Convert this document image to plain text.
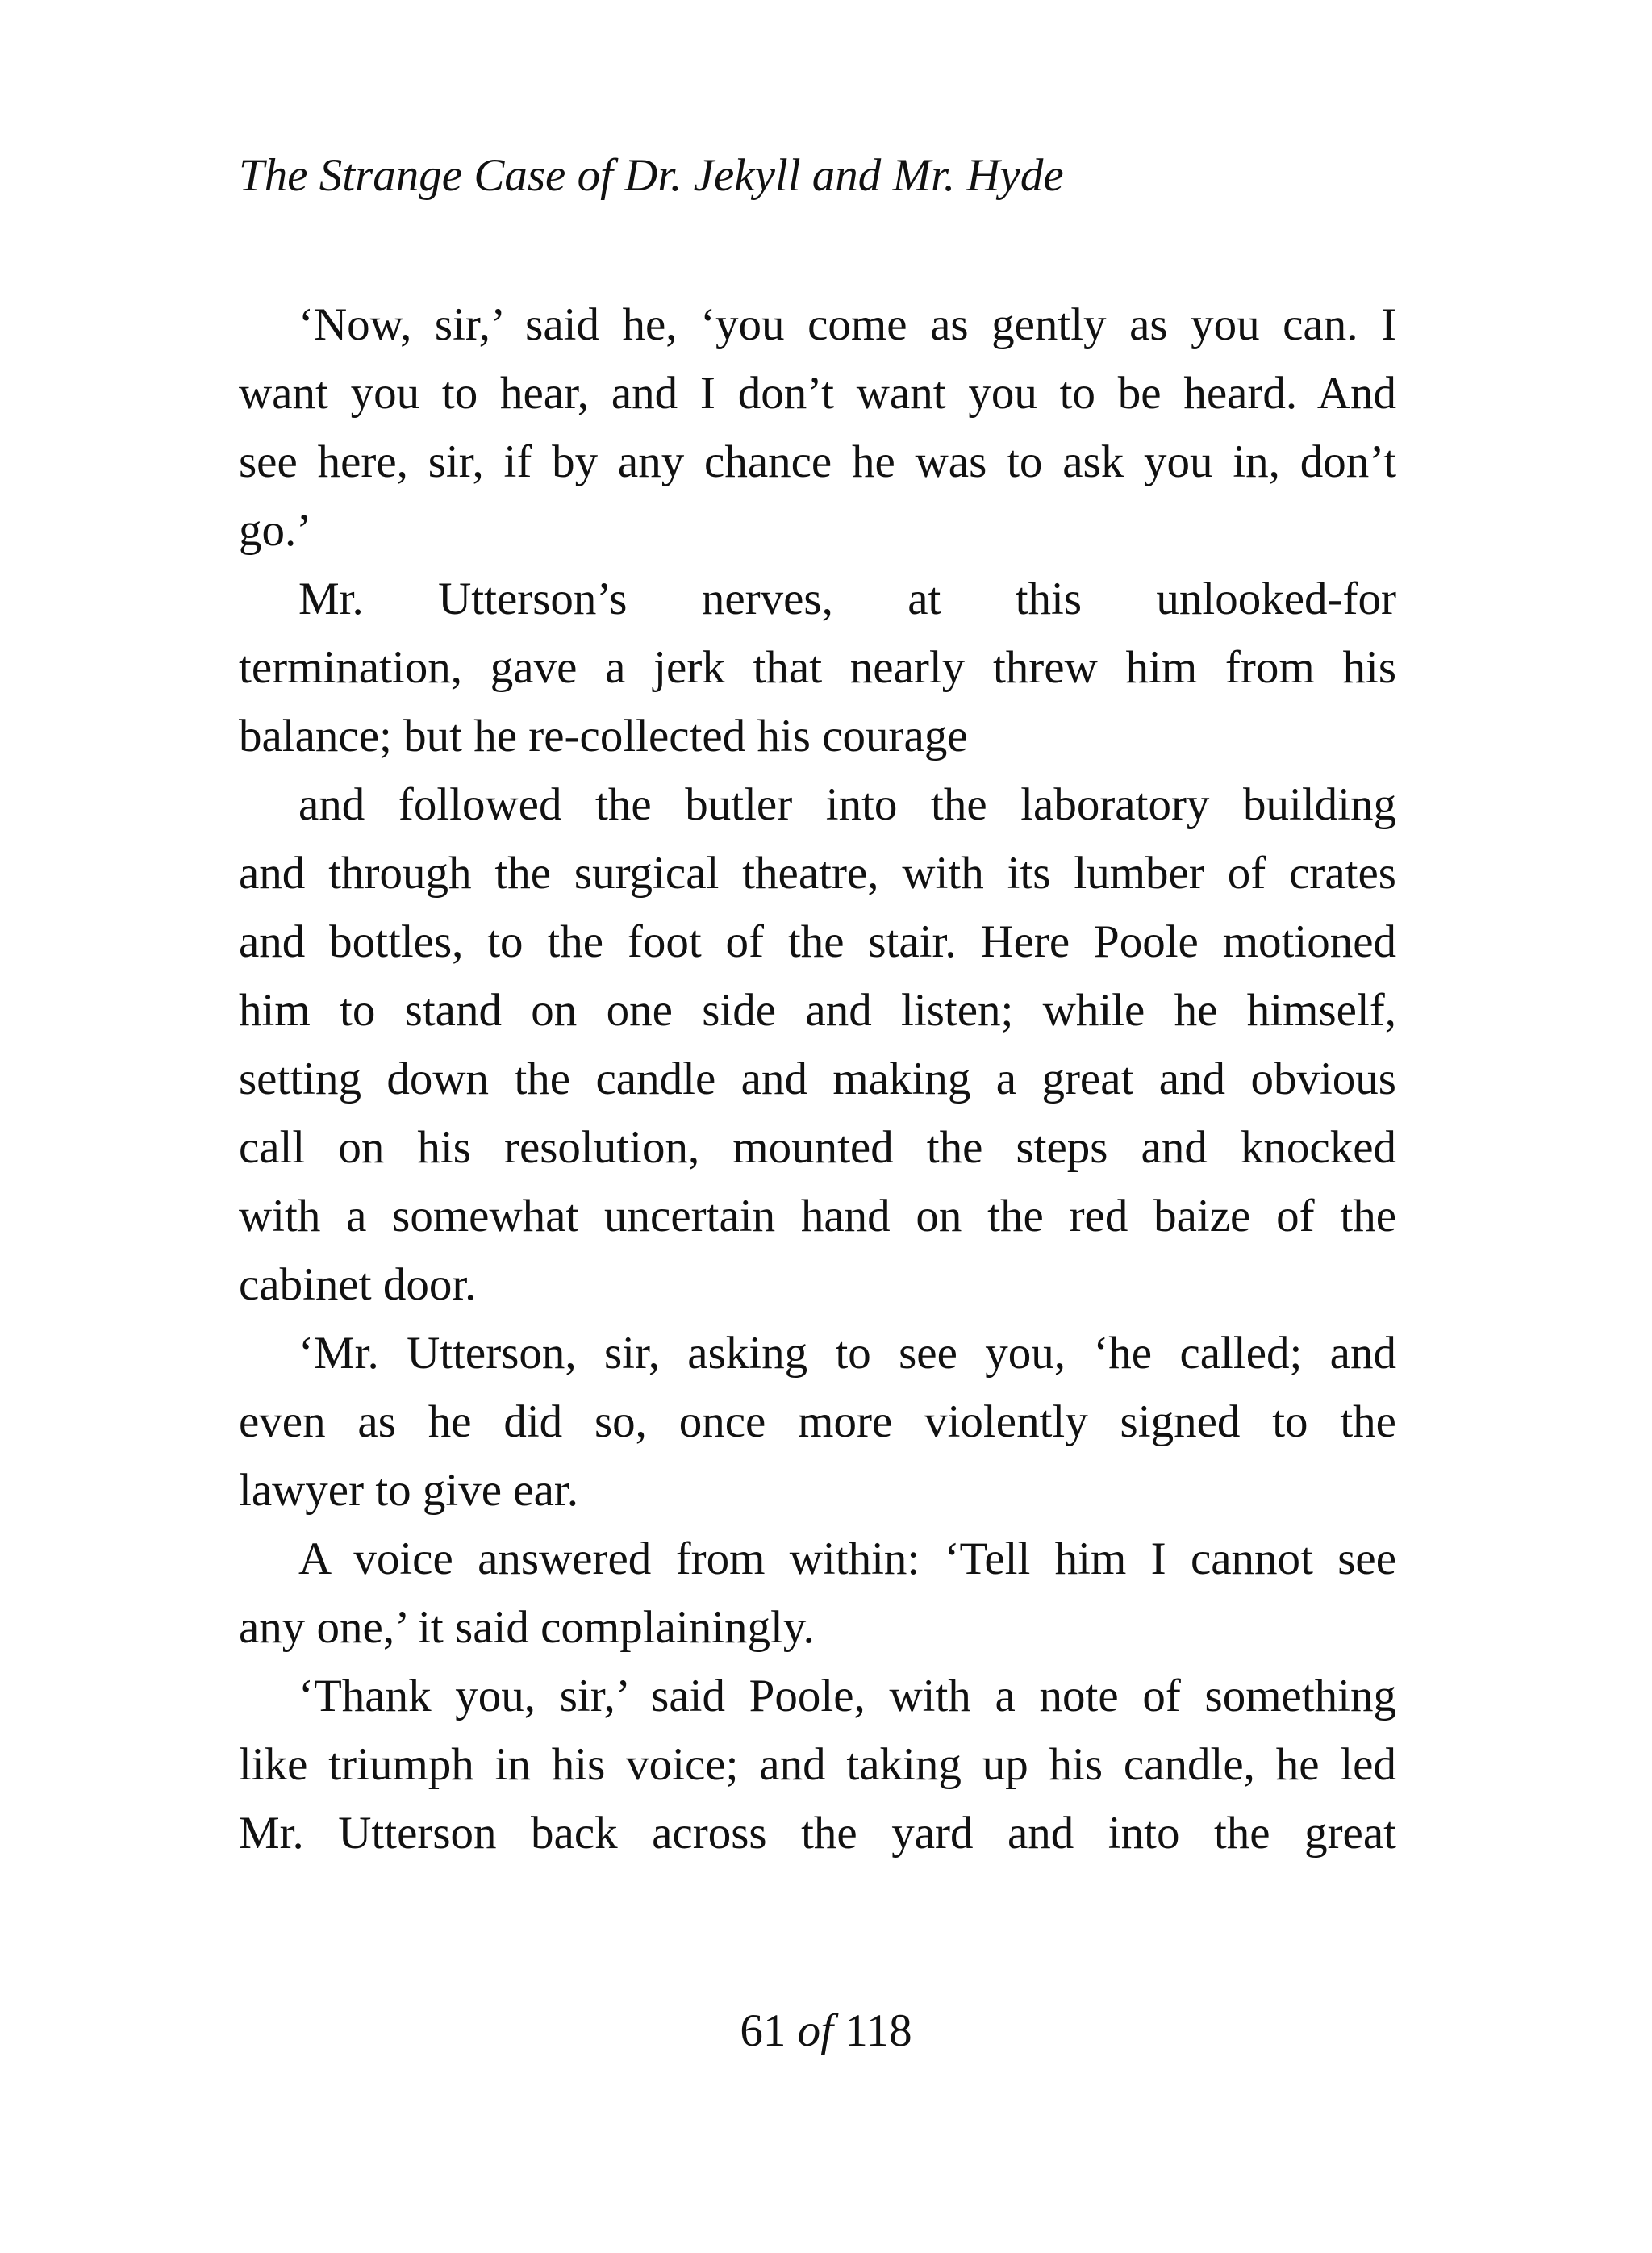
The Strange Case of Dr. Jekyll and Mr. Hyde
‘Now, sir,’ said he, ‘you come as gently as you can. I
want you to hear, and I don’t want you to be heard. And
see here, sir, if by any chance he was to ask you in, don’t
go.’
Mr. Utterson’s nerves, at this unlooked-for
termination, gave a jerk that nearly threw him from his
balance; but he re-collected his courage
and followed the butler into the laboratory building
and through the surgical theatre, with its lumber of crates
and bottles, to the foot of the stair. Here Poole motioned
him to stand on one side and listen; while he himself,
setting down the candle and making a great and obvious
call on his resolution, mounted the steps and knocked
with a somewhat uncertain hand on the red baize of the
cabinet door.
‘Mr. Utterson, sir, asking to see you, ‘he called; and
even as he did so, once more violently signed to the
lawyer to give ear.
A voice answered from within: ‘Tell him I cannot see
any one,’ it said complainingly.
‘Thank you, sir,’ said Poole, with a note of something
like triumph in his voice; and taking up his candle, he led
Mr. Utterson back across the yard and into the great
61 of 118
